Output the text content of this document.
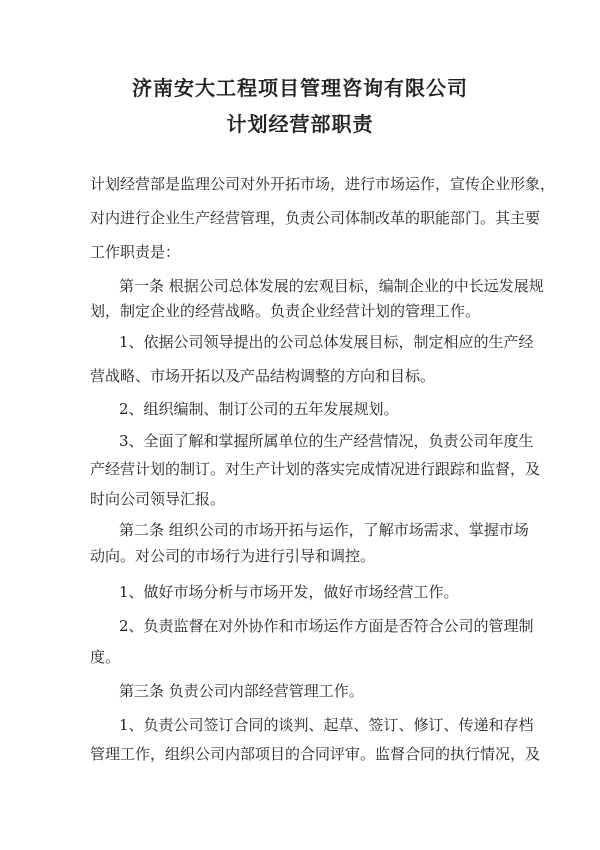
济南安大工程项目管理咨询有限公司
计划经营部职责
计划经营部是监理公司对外开拓市场，进行市场运作，宣传企业形象，
对内进行企业生产经营管理，负责公司体制改革的职能部门。其主要
工作职责是：
第一条 根据公司总体发展的宏观目标，编制企业的中长远发展规
划，制定企业的经营战略。负责企业经营计划的管理工作。
1、依据公司领导提出的公司总体发展目标，制定相应的生产经
营战略、市场开拓以及产品结构调整的方向和目标。
2、组织编制、制订公司的五年发展规划。
3、全面了解和掌握所属单位的生产经营情况，负责公司年度生
产经营计划的制订。对生产计划的落实完成情况进行跟踪和监督，及
时向公司领导汇报。
第二条 组织公司的市场开拓与运作，了解市场需求、掌握市场
动向。对公司的市场行为进行引导和调控。
1、做好市场分析与市场开发，做好市场经营工作。
2、负责监督在对外协作和市场运作方面是否符合公司的管理制
度。
第三条 负责公司内部经营管理工作。
1、负责公司签订合同的谈判、起草、签订、修订、传递和存档
管理工作，组织公司内部项目的合同评审。监督合同的执行情况，及
